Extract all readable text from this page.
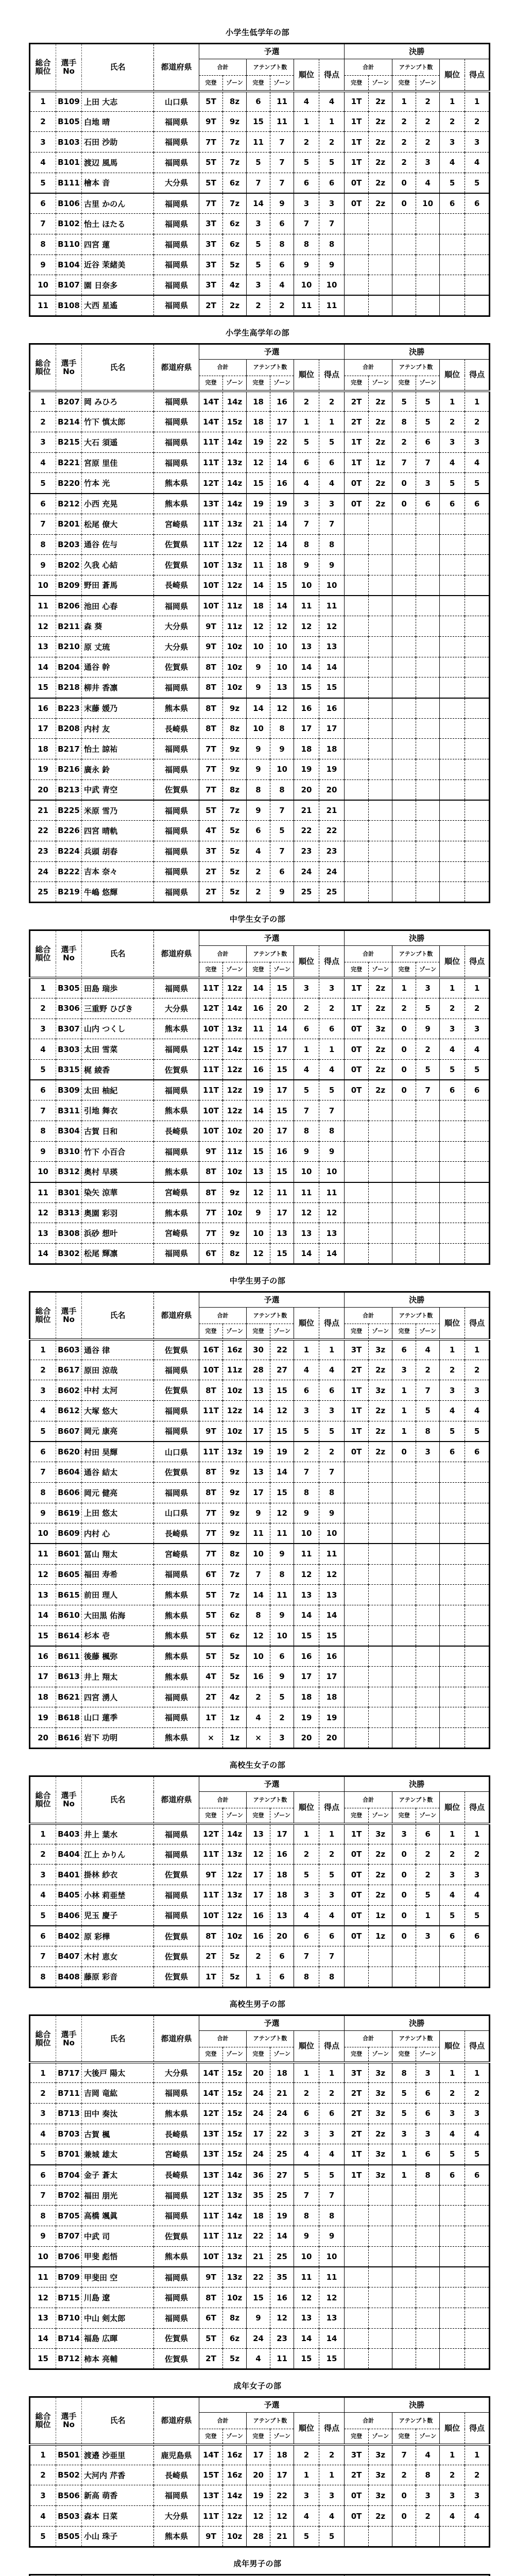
小学生低学年の部
総合
順位	選手
No	氏名	都道府県	予選						決勝					
				合計		アテンプト数		順位	得点	合計		アテンプト数		順位	得点
				完登	ゾーン	完登	ゾーン			完登	ゾーン	完登	ゾーン		
1	B109	上田 大志	山口県	5T	8z	6	11	4	4	1T	2z	1	2	1	1
2	B105	白地 晴	福岡県	9T	9z	15	11	1	1	1T	2z	2	2	2	2
3	B103	石田 沙助	福岡県	7T	7z	11	7	2	2	1T	2z	2	2	3	3
4	B101	渡辺 風馬	福岡県	5T	7z	5	7	5	5	1T	2z	2	3	4	4
5	B111	檜本 音	大分県	5T	6z	7	7	6	6	0T	2z	0	4	5	5
6	B106	古里 かのん	福岡県	7T	7z	14	9	3	3	0T	2z	0	10	6	6
7	B102	怡土 ほたる	福岡県	3T	6z	3	6	7	7						
8	B110	四宮 蓮	福岡県	3T	6z	5	8	8	8						
9	B104	近谷 茉緒美	福岡県	3T	5z	5	6	9	9						
10	B107	園 日奈多	福岡県	3T	4z	3	4	10	10						
11	B108	大西 星遙	福岡県	2T	2z	2	2	11	11						
小学生高学年の部
総合
順位	選手
No	氏名	都道府県	予選						決勝					
				合計		アテンプト数		順位	得点	合計		アテンプト数		順位	得点
				完登	ゾーン	完登	ゾーン			完登	ゾーン	完登	ゾーン		
1	B207	岡 みひろ	福岡県	14T	14z	18	16	2	2	2T	2z	5	5	1	1
2	B214	竹下 慎太郎	福岡県	14T	15z	18	17	1	1	2T	2z	8	5	2	2
3	B215	大石 須遥	福岡県	11T	14z	19	22	5	5	1T	2z	2	6	3	3
4	B221	宮原 里佳	福岡県	11T	13z	12	14	6	6	1T	1z	7	7	4	4
5	B220	竹本 光	熊本県	12T	14z	15	16	4	4	0T	2z	0	3	5	5
6	B212	小西 充晃	熊本県	13T	14z	19	19	3	3	0T	2z	0	6	6	6
7	B201	松尾 僚大	宮崎県	11T	13z	21	14	7	7						
8	B203	通谷 佐与	佐賀県	11T	12z	12	14	8	8						
9	B202	久我 心結	佐賀県	10T	13z	11	18	9	9						
10	B209	野田 蒼馬	長崎県	10T	12z	14	15	10	10						
11	B206	池田 心春	福岡県	10T	11z	18	14	11	11						
12	B211	森 葵	大分県	9T	11z	12	12	12	12						
13	B210	原 丈琉	大分県	9T	10z	10	10	13	13						
14	B204	通谷 幹	佐賀県	8T	10z	9	10	14	14						
15	B218	柳井 香凛	福岡県	8T	10z	9	13	15	15						
16	B223	末藤 媛乃	熊本県	8T	9z	14	12	16	16						
17	B208	内村 友	長崎県	8T	8z	10	8	17	17						
18	B217	怡土 諒祐	福岡県	7T	9z	9	9	18	18						
19	B216	廣永 鈴	福岡県	7T	9z	9	10	19	19						
20	B213	中武 青空	佐賀県	7T	8z	8	8	20	20						
21	B225	米原 雪乃	福岡県	5T	7z	9	7	21	21						
22	B226	四宮 晴軌	福岡県	4T	5z	6	5	22	22						
23	B224	兵頭 胡春	福岡県	3T	5z	4	7	23	23						
24	B222	吉本 奈々	福岡県	2T	5z	2	6	24	24						
25	B219	牛嶋 悠輝	福岡県	2T	5z	2	9	25	25						
中学生女子の部
総合
順位	選手
No	氏名	都道府県	予選						決勝					
				合計		アテンプト数		順位	得点	合計		アテンプト数		順位	得点
				完登	ゾーン	完登	ゾーン			完登	ゾーン	完登	ゾーン		
1	B305	田島 瑞歩	福岡県	11T	12z	14	15	3	3	1T	2z	1	3	1	1
2	B306	三重野 ひびき	大分県	12T	14z	16	20	2	2	1T	2z	2	5	2	2
3	B307	山内 つくし	熊本県	10T	13z	11	14	6	6	0T	3z	0	9	3	3
4	B303	太田 雪菜	福岡県	12T	14z	15	17	1	1	0T	2z	0	2	4	4
5	B315	梶 綾香	佐賀県	11T	12z	16	15	4	4	0T	2z	0	5	5	5
6	B309	太田 柚紀	福岡県	11T	12z	19	17	5	5	0T	2z	0	7	6	6
7	B311	引地 舞衣	熊本県	10T	12z	14	15	7	7						
8	B304	古賀 日和	長崎県	10T	10z	20	17	8	8						
9	B310	竹下 小百合	福岡県	9T	11z	15	16	9	9						
10	B312	奥村 早瑛	熊本県	8T	10z	13	15	10	10						
11	B301	染矢 涼華	宮崎県	8T	9z	12	11	11	11						
12	B313	奥園 彩羽	熊本県	7T	10z	9	17	12	12						
13	B308	浜砂 想叶	宮崎県	7T	9z	10	13	13	13						
14	B302	松尾 輝凛	福岡県	6T	8z	12	15	14	14						
中学生男子の部
総合
順位	選手
No	氏名	都道府県	予選						決勝					
				合計		アテンプト数		順位	得点	合計		アテンプト数		順位	得点
				完登	ゾーン	完登	ゾーン			完登	ゾーン	完登	ゾーン		
1	B603	通谷 律	佐賀県	16T	16z	30	22	1	1	3T	3z	6	4	1	1
2	B617	原田 涼哉	福岡県	10T	11z	28	27	4	4	2T	2z	3	2	2	2
3	B602	中村 太河	佐賀県	8T	10z	13	15	6	6	1T	3z	1	7	3	3
4	B612	大塚 悠大	福岡県	11T	12z	14	12	3	3	1T	2z	1	5	4	4
5	B607	岡元 康亮	福岡県	9T	10z	17	15	5	5	1T	2z	1	8	5	5
6	B620	村田 昊輝	山口県	11T	13z	19	19	2	2	0T	2z	0	3	6	6
7	B604	通谷 結太	佐賀県	8T	9z	13	14	7	7						
8	B606	岡元 健亮	福岡県	8T	9z	17	15	8	8						
9	B619	上田 悠太	山口県	7T	9z	9	12	9	9						
10	B609	内村 心	長崎県	7T	9z	11	11	10	10						
11	B601	冨山 翔太	宮崎県	7T	8z	10	9	11	11						
12	B605	福田 寿希	福岡県	6T	7z	7	8	12	12						
13	B615	前田 理人	熊本県	5T	7z	14	11	13	13						
14	B610	大田黒 佑海	熊本県	5T	6z	8	9	14	14						
15	B614	杉本 壱	熊本県	5T	6z	12	10	15	15						
16	B611	後藤 楓弥	熊本県	5T	5z	10	6	16	16						
17	B613	井上 翔太	熊本県	4T	5z	16	9	17	17						
18	B621	四宮 湧人	福岡県	2T	4z	2	5	18	18						
19	B618	山口 蓮季	福岡県	1T	1z	4	2	19	19						
20	B616	岩下 功明	熊本県	×	1z	×	3	20	20						
高校生女子の部
総合
順位	選手
No	氏名	都道府県	予選						決勝					
				合計		アテンプト数		順位	得点	合計		アテンプト数		順位	得点
				完登	ゾーン	完登	ゾーン			完登	ゾーン	完登	ゾーン		
1	B403	井上 葉水	福岡県	12T	14z	13	17	1	1	1T	3z	3	6	1	1
2	B404	江上 かりん	福岡県	11T	13z	12	16	2	2	0T	2z	0	2	2	2
3	B401	掛林 紗衣	佐賀県	9T	12z	17	18	5	5	0T	2z	0	2	3	3
4	B405	小林 莉亜埜	福岡県	11T	13z	17	18	3	3	0T	2z	0	5	4	4
5	B406	児玉 慶子	福岡県	10T	12z	16	13	4	4	0T	1z	0	1	5	5
6	B402	原 彩樺	佐賀県	8T	10z	16	20	6	6	0T	1z	0	3	6	6
7	B407	木村 恵女	佐賀県	2T	5z	2	6	7	7						
8	B408	藤原 彩音	佐賀県	1T	5z	1	6	8	8						
高校生男子の部
総合
順位	選手
No	氏名	都道府県	予選						決勝					
				合計		アテンプト数		順位	得点	合計		アテンプト数		順位	得点
				完登	ゾーン	完登	ゾーン			完登	ゾーン	完登	ゾーン		
1	B717	大後戸 陽太	大分県	14T	15z	20	18	1	1	3T	3z	8	3	1	1
2	B711	吉岡 竜紘	福岡県	14T	15z	24	21	2	2	2T	3z	5	6	2	2
3	B713	田中 奏汰	熊本県	12T	15z	24	24	6	6	2T	3z	5	6	3	3
4	B703	古賀 楓	長崎県	13T	15z	17	22	3	3	2T	2z	3	3	4	4
5	B701	兼城 雄太	宮崎県	13T	15z	24	25	4	4	1T	3z	1	6	5	5
6	B704	金子 蒼太	長崎県	13T	14z	36	27	5	5	1T	3z	1	8	6	6
7	B702	福田 朋光	福岡県	12T	13z	35	25	7	7						
8	B705	高橋 颯眞	福岡県	11T	14z	18	19	8	8						
9	B707	中武 司	佐賀県	11T	11z	22	14	9	9						
10	B706	甲斐 彪悟	熊本県	10T	13z	21	25	10	10						
11	B709	甲斐田 空	福岡県	9T	13z	22	35	11	11						
12	B715	川島 遼	福岡県	8T	10z	15	16	12	12						
13	B710	中山 剣太郎	福岡県	6T	8z	9	12	13	13						
14	B714	福島 広暉	佐賀県	5T	6z	24	23	14	14						
15	B712	柿本 亮輔	佐賀県	2T	5z	4	11	15	15						
成年女子の部
総合
順位	選手
No	氏名	都道府県	予選						決勝					
				合計		アテンプト数		順位	得点	合計		アテンプト数		順位	得点
				完登	ゾーン	完登	ゾーン			完登	ゾーン	完登	ゾーン		
1	B501	渡邉 沙亜里	鹿児島県	14T	16z	17	18	2	2	3T	3z	7	4	1	1
2	B502	大河内 芹香	長崎県	15T	16z	20	17	1	1	2T	3z	2	8	2	2
3	B506	新高 萌香	福岡県	13T	14z	19	22	3	3	0T	3z	0	3	3	3
4	B503	森本 日菜	大分県	11T	12z	12	12	4	4	0T	2z	0	2	4	4
5	B505	小山 珠子	熊本県	9T	10z	28	21	5	5						
成年男子の部
